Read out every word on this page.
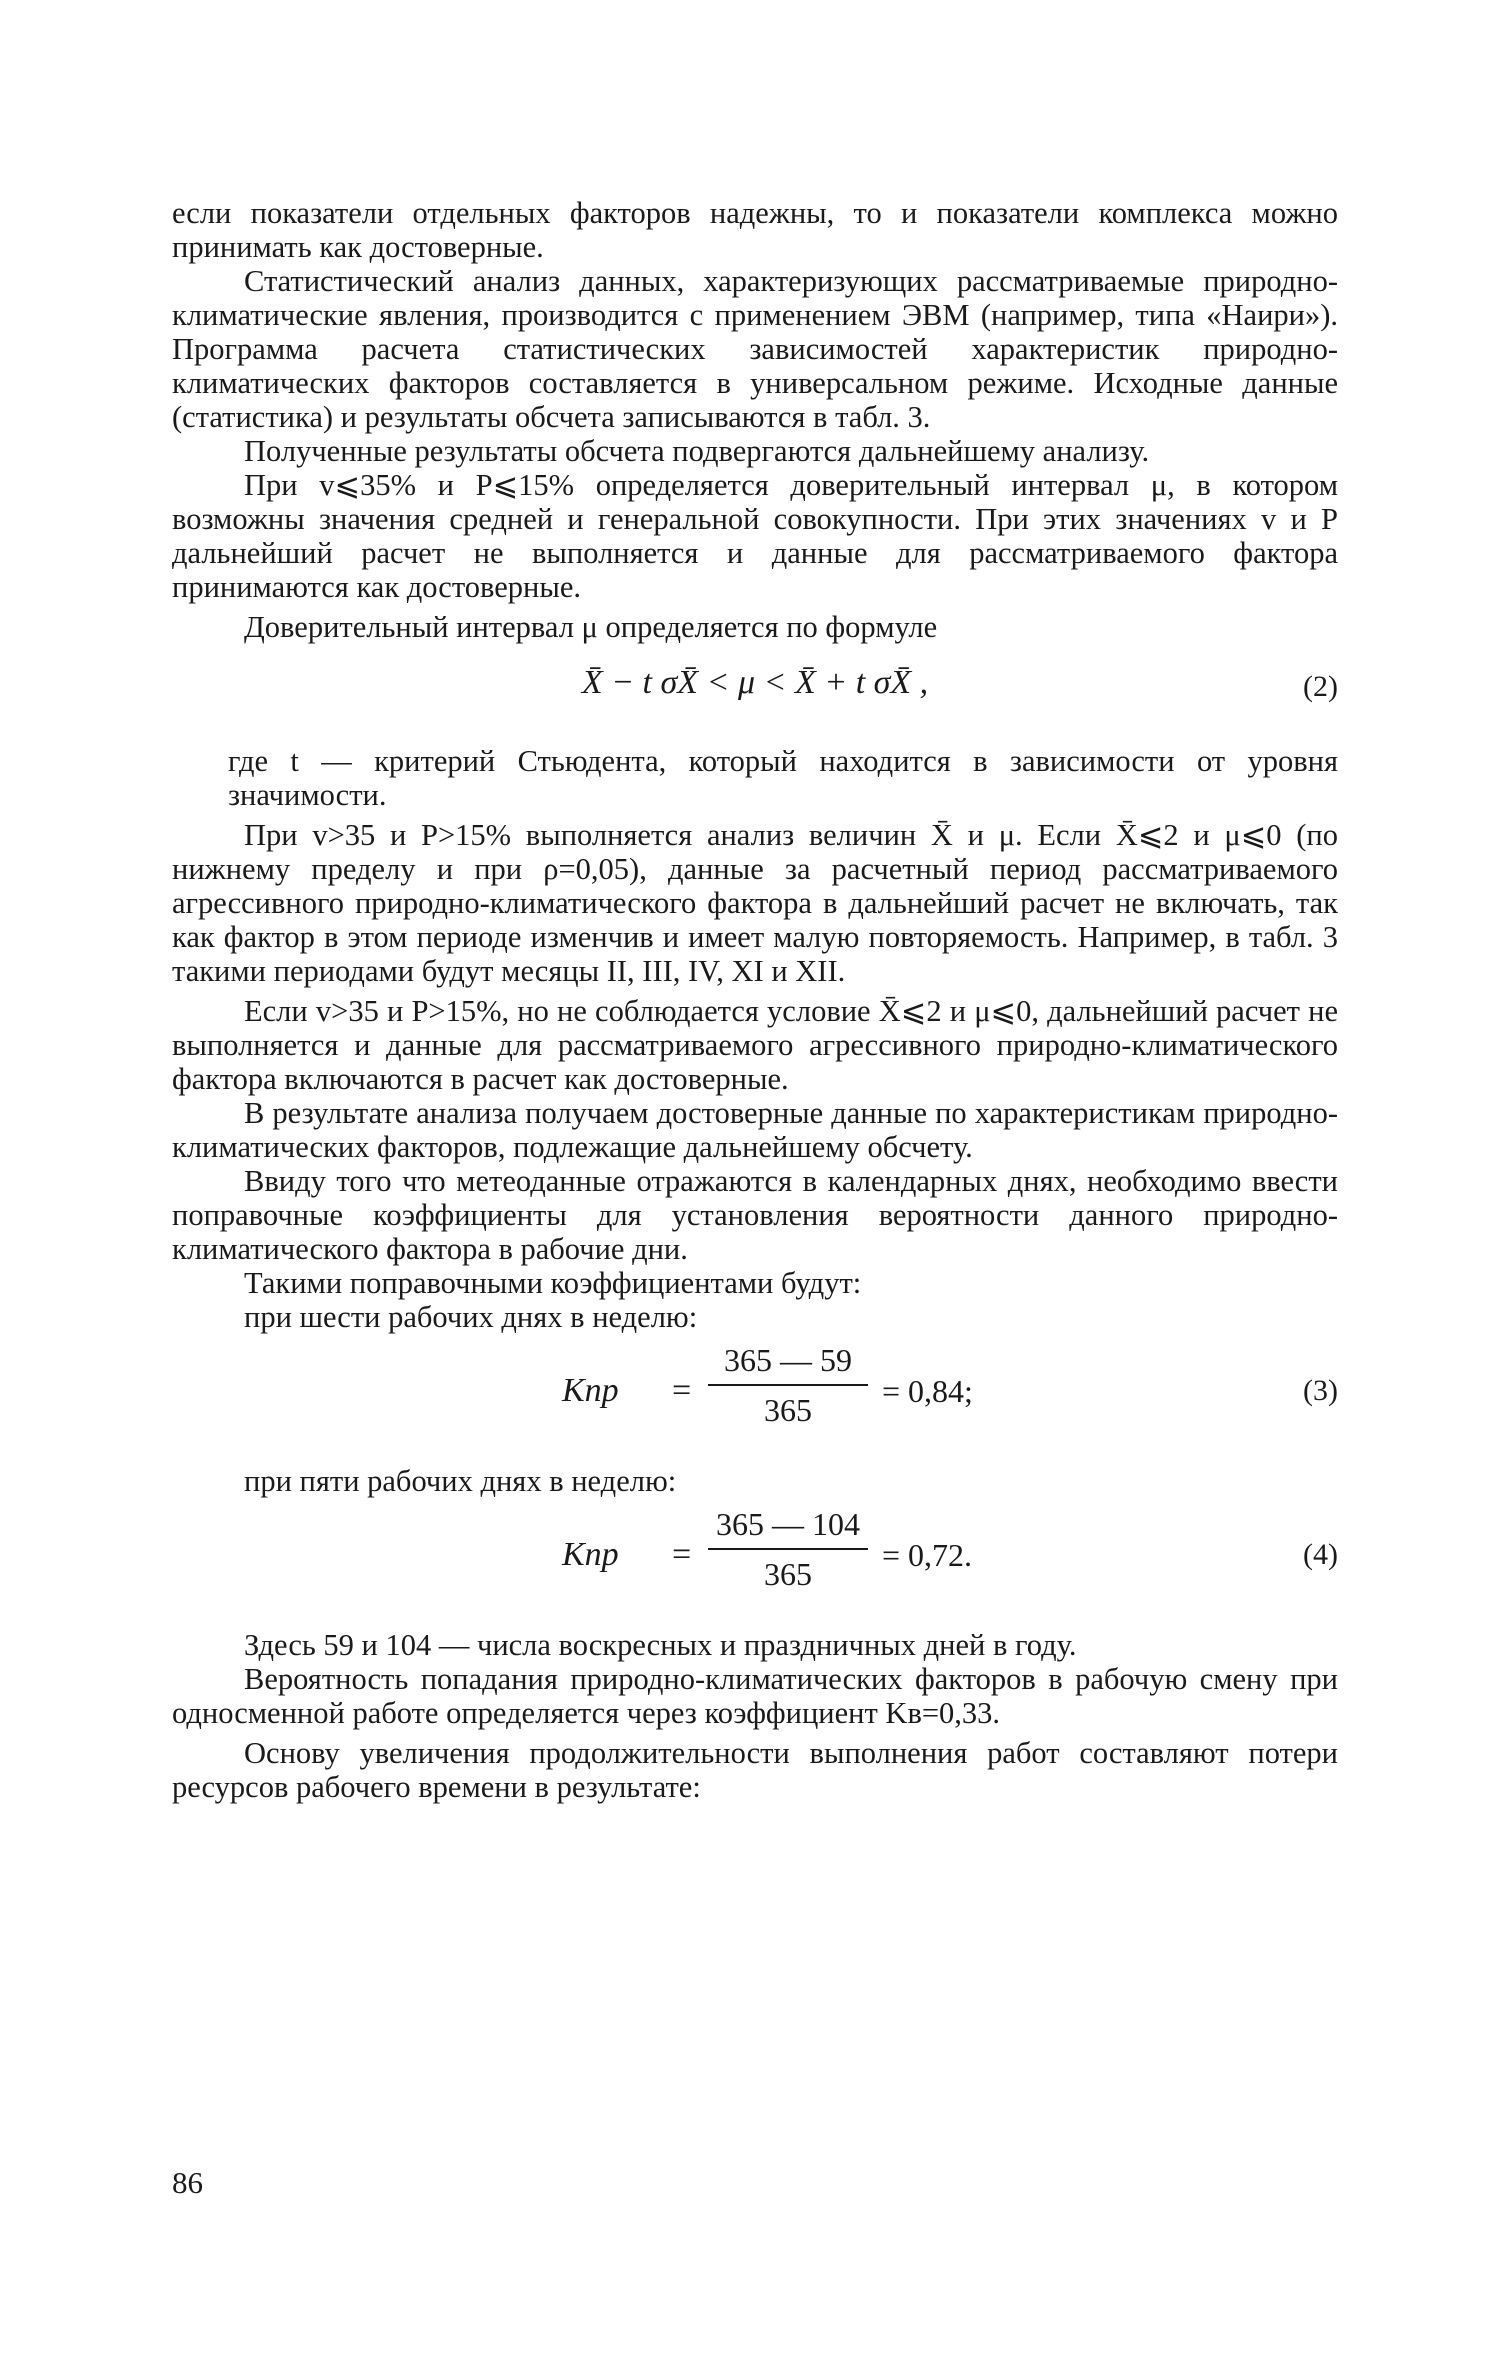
если показатели отдельных факторов надежны, то и показатели комплекса можно принимать как достоверные.

Статистический анализ данных, характеризующих рассматриваемые природно-климатические явления, производится с применением ЭВМ (например, типа «Наири»). Программа расчета статистических зависимостей характеристик природно-климатических факторов составляется в универсальном режиме. Исходные данные (статистика) и результаты обсчета записываются в табл. 3.

Полученные результаты обсчета подвергаются дальнейшему анализу.

При v⩽35% и P⩽15% определяется доверительный интервал μ, в котором возможны значения средней и генеральной совокупности. При этих значениях v и P дальнейший расчет не выполняется и данные для рассматриваемого фактора принимаются как достоверные.

Доверительный интервал μ определяется по формуле

X̄ − t σX̄ < μ < X̄ + t σX̄ ,	(2)

где t — критерий Стьюдента, который находится в зависимости от уровня значимости.

При v>35 и P>15% выполняется анализ величин X̄ и μ. Если X̄⩽2 и μ⩽0 (по нижнему пределу и при ρ=0,05), данные за расчетный период рассматриваемого агрессивного природно-климатического фактора в дальнейший расчет не включать, так как фактор в этом периоде изменчив и имеет малую повторяемость. Например, в табл. 3 такими периодами будут месяцы II, III, IV, XI и XII.

Если v>35 и P>15%, но не соблюдается условие X̄⩽2 и μ⩽0, дальнейший расчет не выполняется и данные для рассматриваемого агрессивного природно-климатического фактора включаются в расчет как достоверные.

В результате анализа получаем достоверные данные по характеристикам природно-климатических факторов, подлежащие дальнейшему обсчету.

Ввиду того что метеоданные отражаются в календарных днях, необходимо ввести поправочные коэффициенты для установления вероятности данного природно-климатического фактора в рабочие дни.

Такими поправочными коэффициентами будут:

при шести рабочих днях в неделю:

Kпр =
365 — 59
365
= 0,84;	(3)

при пяти рабочих днях в неделю:

Kпр =
365 — 104
365
= 0,72.	(4)

Здесь 59 и 104 — числа воскресных и праздничных дней в году.

Вероятность попадания природно-климатических факторов в рабочую смену при односменной работе определяется через коэффициент Kв=0,33.

Основу увеличения продолжительности выполнения работ составляют потери ресурсов рабочего времени в результате:

86
